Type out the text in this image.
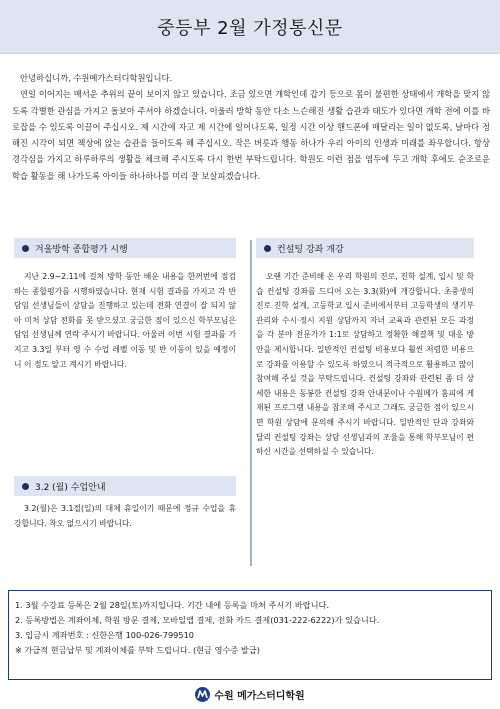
중등부 2월 가정통신문

안녕하십니까, 수원메가스터디학원입니다.

연일 이어지는 매서운 추위의 끝이 보이지 않고 있습니다. 조금 있으면 개학인데 갑기 등으로 몸이 불편한 상태에서 개학을 맞지 않도록 각별한 관심을 가지고 돌보아 주셔야 하겠습니다. 이울러 방학 동안 다소 느슨해진 생활 습관과 태도가 있다면 개학 전에 이를 바로잡을 수 있도록 이끌어 주십시오. 제 시간에 자고 제 시간에 일어나도록, 일정 시간 이상 핸드폰에 매달리는 일이 없도록, 날마다 정해진 시각이 되면 책상에 앉는 습관을 들이도록 해 주십시오. 작은 버릇과 행동 하나가 우리 아이의 인생과 미래를 좌우합니다. 항상 경각심을 가지고 하루하루의 생활을 체크해 주시도록 다시 한번 부탁드립니다. 학원도 이런 점을 염두에 두고 개학 후에도 순조로운 학습 활동을 해 나가도록 아이들 하나하나를 미리 잘 보살피겠습니다.

겨울방학 종합평가 시행
지난 2.9~2.11에 걸쳐 방학 동안 배운 내용을 한꺼번에 점검하는 종합평가를 시행하였습니다. 현재 시험 결과를 가지고 각 반 담임 선생님들이 상담을 진행하고 있는데 전화 연결이 잘 되지 않아 미처 상담 전화를 못 받으셨고 궁금한 점이 있으신 학부모님은 담임 선생님께 연락 주시기 바랍니다. 아울러 이번 시험 결과를 가지고 3.3일 부터 영 수 수업 레벨 이동 및 반 이동이 있을 예정이니 이 점도 알고 계시기 바랍니다.
3.2 (월) 수업안내
3.2(월)은 3.1절(일)의 대체 휴일이기 때문에 정규 수업을 휴강합니다. 착오 없으시기 바랍니다.
컨설팅 강좌 개강
오랜 기간 준비해 온 우리 학원의 진로, 진학 설계, 입시 및 학습 컨설팅 강좌를 드디어 오는 3.3(화)에 개강합니다. 초중생의 진로 진학 설계, 고등학교 입시 준비에서부터 고등학생의 생기부 관리와 수시·정시 지원 상담까지 자녀 교육과 관련된 모든 과정을 각 분야 전문가가 1:1로 상담하고 정확한 해결책 및 대응 방안을 제시합니다. 일반적인 컨설팅 비용보다 훨씬 저렴한 비용으로 강좌를 이용할 수 있도록 하였으니 적극적으로 활용하고 많이 참여해 주실 것을 부탁드립니다. 컨설팅 강좌와 관련된 좀 더 상세한 내용은 동봉한 컨설팅 강좌 안내문이나 수원메가 홈피에 게재된 프로그램 내용을 참조해 주시고 그래도 궁금한 점이 있으시면 학원 상담에 문의해 주시기 바랍니다. 일반적인 단과 강좌와 달리 컨설팅 강좌는 상담 선생님과의 조율을 통해 학부모님이 편하신 시간을 선택하실 수 있습니다.
1. 3월 수강료 등록은 2월 28일(토)까지입니다. 기간 내에 등록을 마쳐 주시기 바랍니다.
2. 등록방법은 계좌이체, 학원 방문 결제, 모바일앱 결제, 전화 카드 결제(031-222-6222)가 있습니다.
3. 입금시 계좌번호 : 신한은행 100-026-799510
※ 가급적 현금납부 및 계좌이체를 부탁 드립니다. (현금 영수증 발급)
수원 메가스터디학원
